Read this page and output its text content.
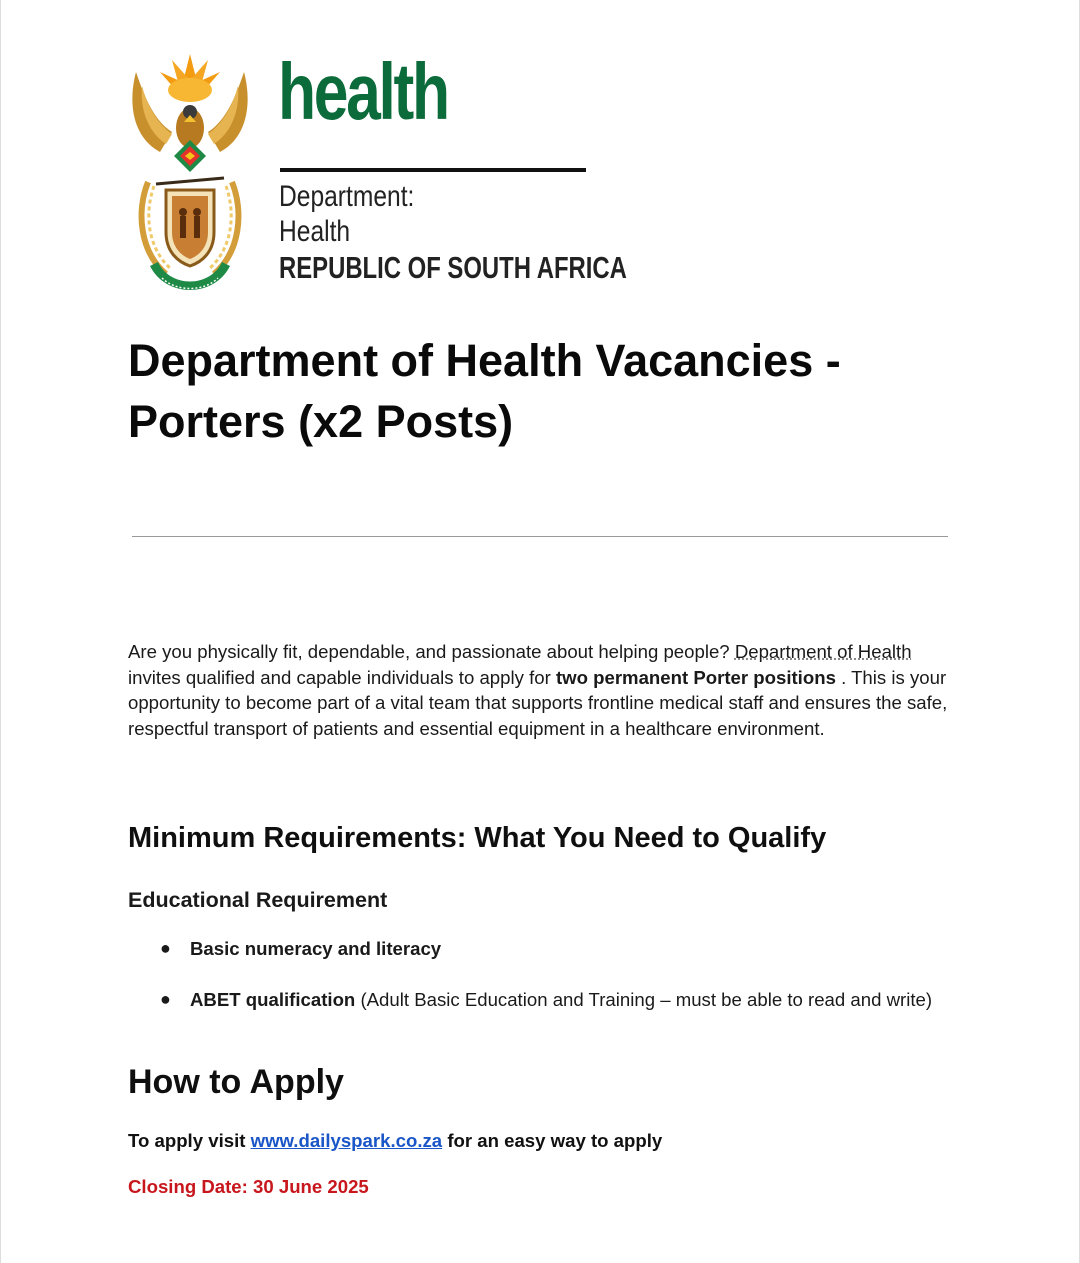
health
Department:
Health
REPUBLIC OF SOUTH AFRICA
Department of Health Vacancies - Porters (x2 Posts)

Are you physically fit, dependable, and passionate about helping people? Department of Health invites qualified and capable individuals to apply for two permanent Porter positions . This is your opportunity to become part of a vital team that supports frontline medical staff and ensures the safe, respectful transport of patients and essential equipment in a healthcare environment.

Minimum Requirements: What You Need to Qualify
Educational Requirement
● Basic numeracy and literacy
● ABET qualification (Adult Basic Education and Training – must be able to read and write)
How to Apply

To apply visit www.dailyspark.co.za for an easy way to apply

Closing Date: 30 June 2025
